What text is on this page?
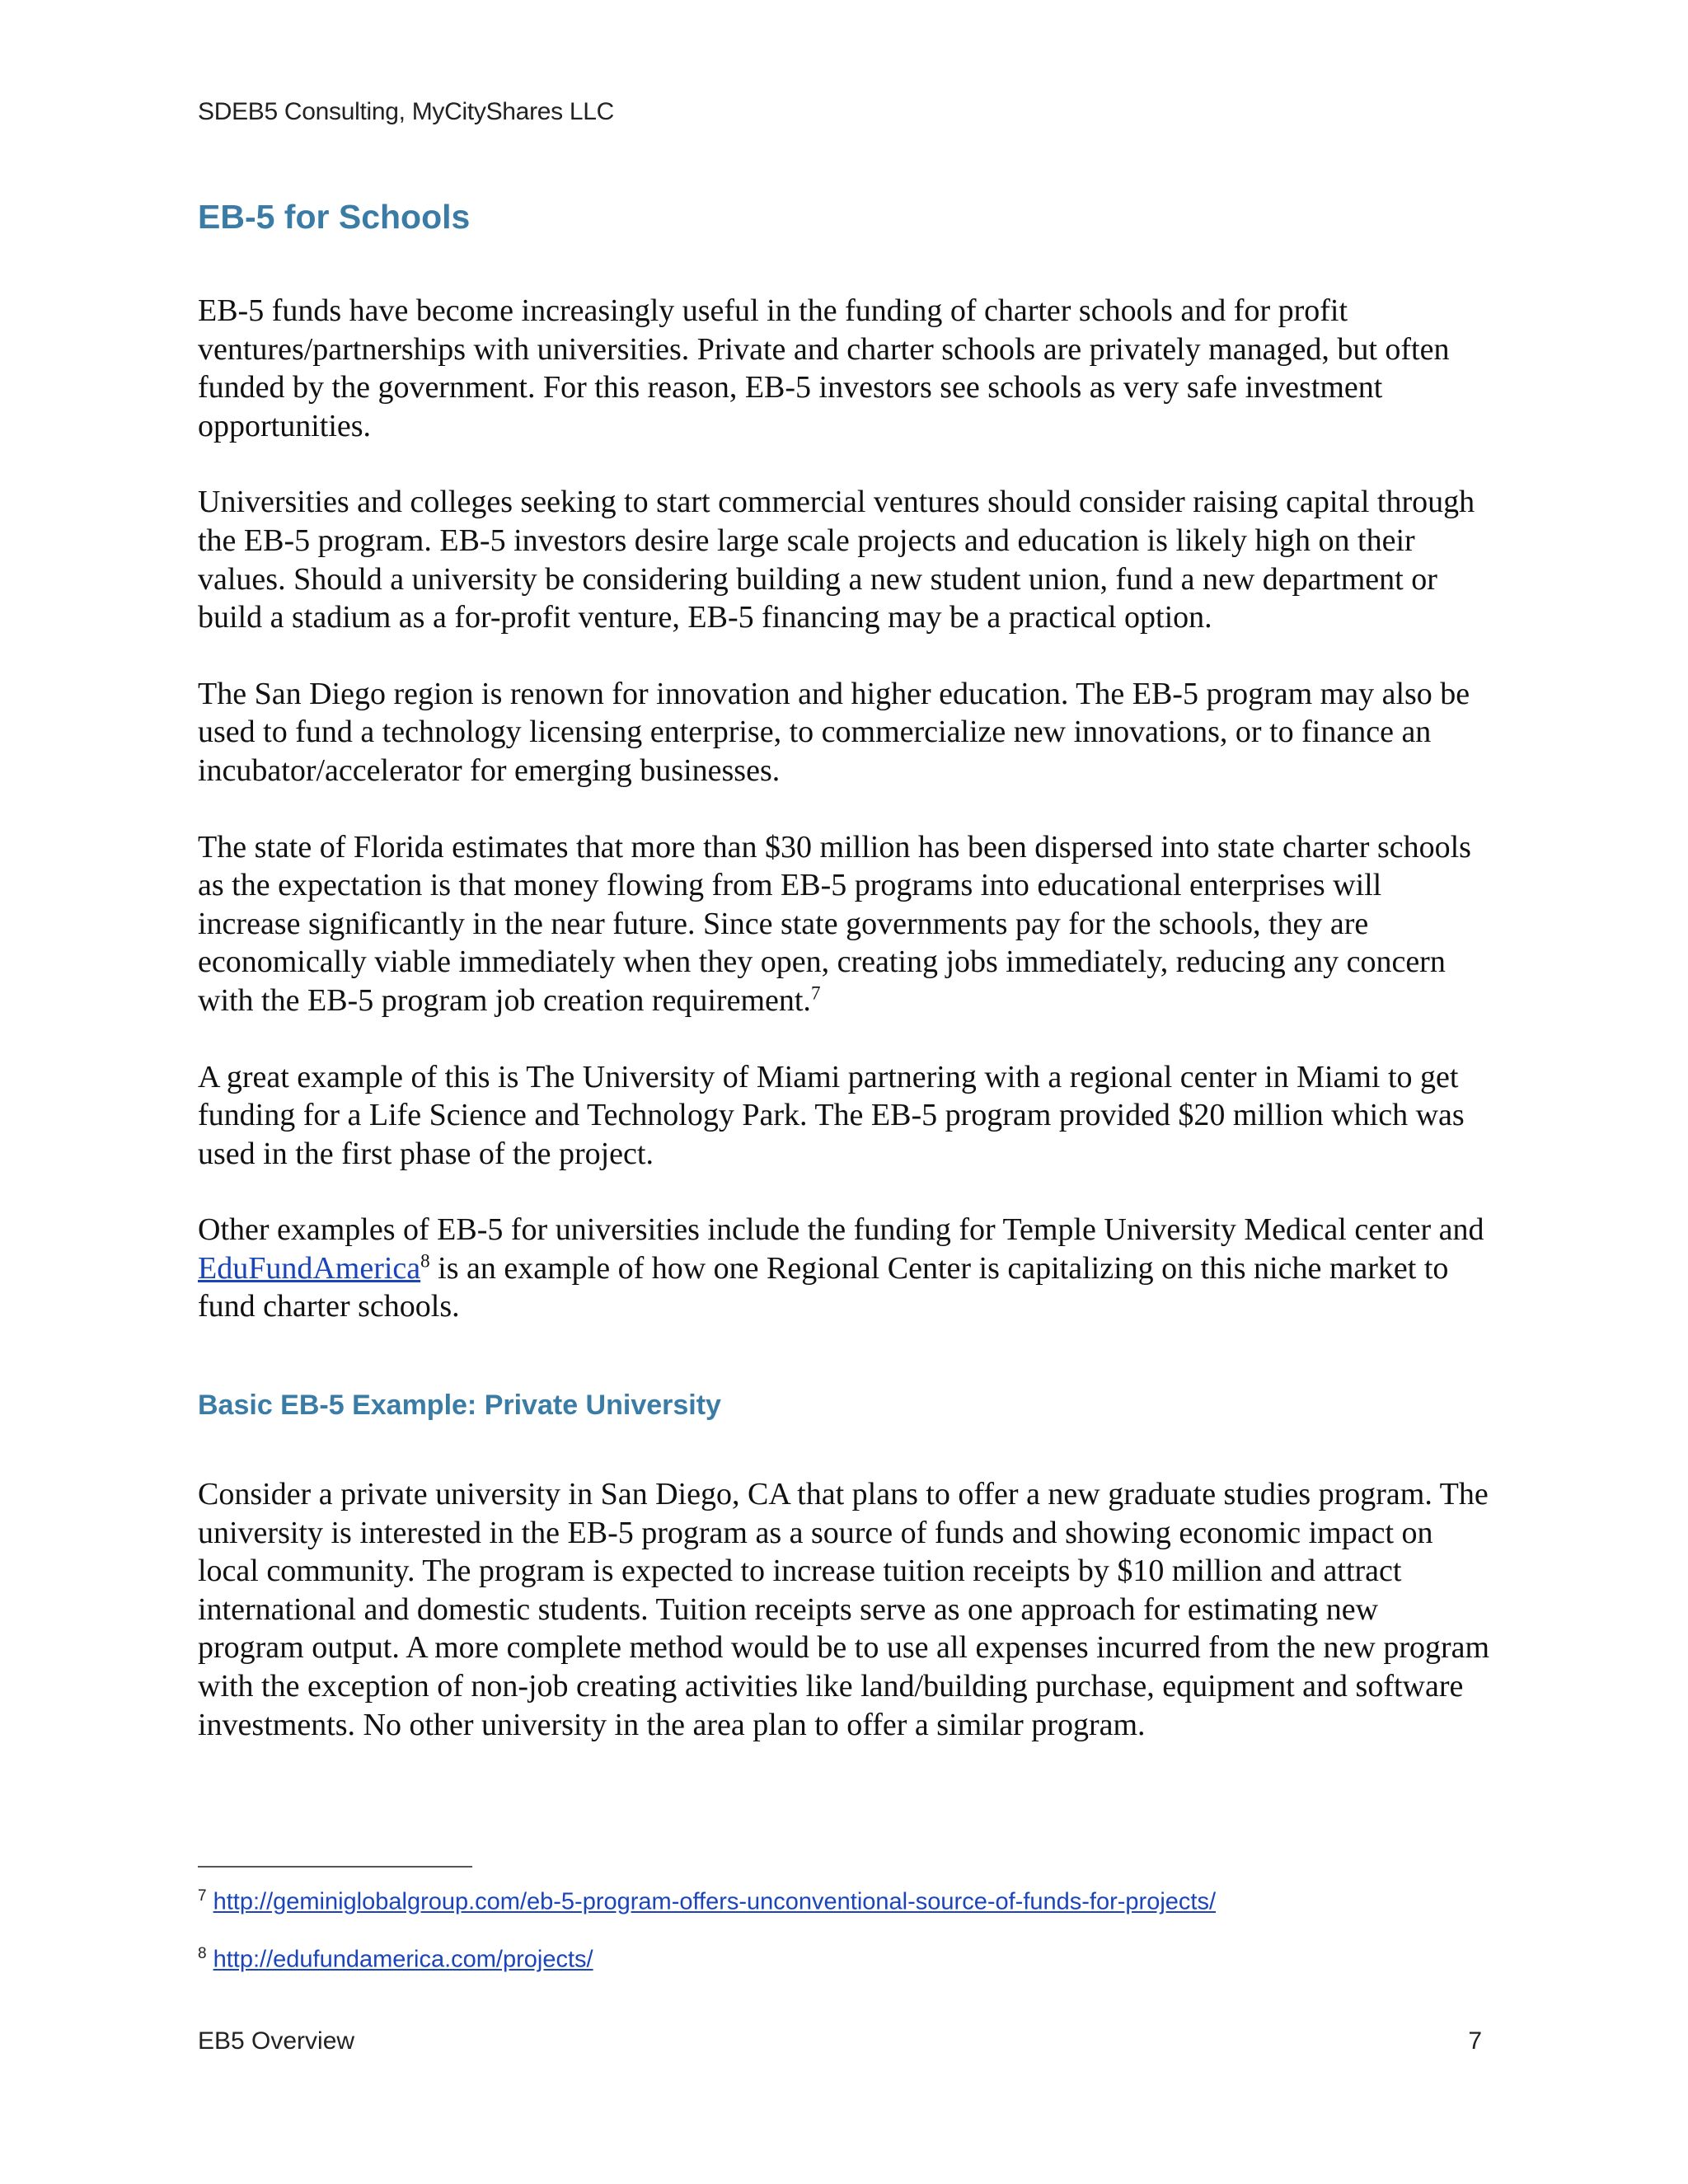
SDEB5 Consulting, MyCityShares LLC
EB-5 for Schools

EB-5 funds have become increasingly useful in the funding of charter schools and for profit ventures/partnerships with universities. Private and charter schools are privately managed, but often funded by the government. For this reason, EB-5 investors see schools as very safe investment opportunities.

Universities and colleges seeking to start commercial ventures should consider raising capital through the EB-5 program. EB-5 investors desire large scale projects and education is likely high on their values. Should a university be considering building a new student union, fund a new department or build a stadium as a for-profit venture, EB-5 financing may be a practical option.

The San Diego region is renown for innovation and higher education. The EB-5 program may also be used to fund a technology licensing enterprise, to commercialize new innovations, or to finance an incubator/accelerator for emerging businesses.

The state of Florida estimates that more than $30 million has been dispersed into state charter schools as the expectation is that money flowing from EB-5 programs into educational enterprises will increase significantly in the near future. Since state governments pay for the schools, they are economically viable immediately when they open, creating jobs immediately, reducing any concern with the EB-5 program job creation requirement.$^7$

A great example of this is The University of Miami partnering with a regional center in Miami to get funding for a Life Science and Technology Park. The EB-5 program provided $20 million which was used in the first phase of the project.

Other examples of EB-5 for universities include the funding for Temple University Medical center and EduFundAmerica$^8$ is an example of how one Regional Center is capitalizing on this niche market to fund charter schools.

Basic EB-5 Example: Private University

Consider a private university in San Diego, CA that plans to offer a new graduate studies program. The university is interested in the EB-5 program as a source of funds and showing economic impact on local community. The program is expected to increase tuition receipts by $10 million and attract international and domestic students. Tuition receipts serve as one approach for estimating new program output. A more complete method would be to use all expenses incurred from the new program with the exception of non-job creating activities like land/building purchase, equipment and software investments. No other university in the area plan to offer a similar program.

$^7$ http://geminiglobalgroup.com/eb-5-program-offers-unconventional-source-of-funds-for-projects/
$^8$ http://edufundamerica.com/projects/
EB5 Overview	7
